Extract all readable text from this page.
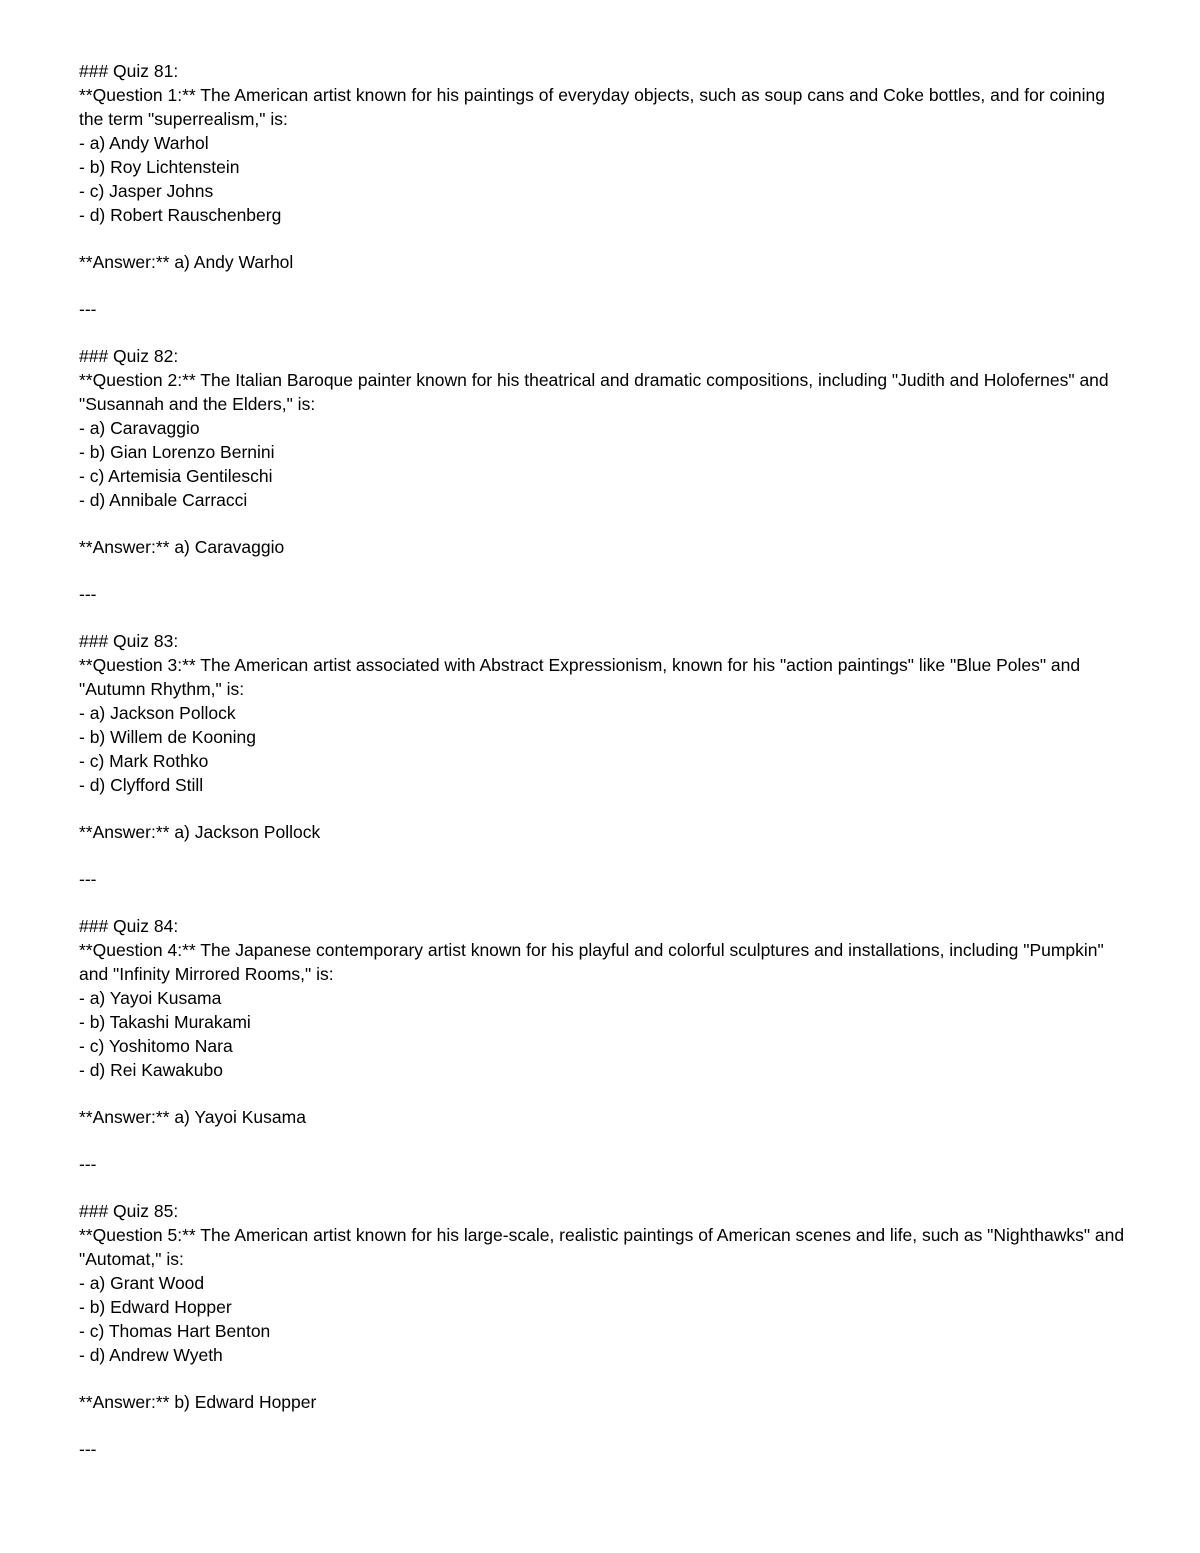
### Quiz 81:
**Question 1:** The American artist known for his paintings of everyday objects, such as soup cans and Coke bottles, and for coining the term "superrealism," is:
- a) Andy Warhol
- b) Roy Lichtenstein
- c) Jasper Johns
- d) Robert Rauschenberg
**Answer:** a) Andy Warhol
---
### Quiz 82:
**Question 2:** The Italian Baroque painter known for his theatrical and dramatic compositions, including "Judith and Holofernes" and "Susannah and the Elders," is:
- a) Caravaggio
- b) Gian Lorenzo Bernini
- c) Artemisia Gentileschi
- d) Annibale Carracci
**Answer:** a) Caravaggio
---
### Quiz 83:
**Question 3:** The American artist associated with Abstract Expressionism, known for his "action paintings" like "Blue Poles" and "Autumn Rhythm," is:
- a) Jackson Pollock
- b) Willem de Kooning
- c) Mark Rothko
- d) Clyfford Still
**Answer:** a) Jackson Pollock
---
### Quiz 84:
**Question 4:** The Japanese contemporary artist known for his playful and colorful sculptures and installations, including "Pumpkin" and "Infinity Mirrored Rooms," is:
- a) Yayoi Kusama
- b) Takashi Murakami
- c) Yoshitomo Nara
- d) Rei Kawakubo
**Answer:** a) Yayoi Kusama
---
### Quiz 85:
**Question 5:** The American artist known for his large-scale, realistic paintings of American scenes and life, such as "Nighthawks" and "Automat," is:
- a) Grant Wood
- b) Edward Hopper
- c) Thomas Hart Benton
- d) Andrew Wyeth
**Answer:** b) Edward Hopper
---
